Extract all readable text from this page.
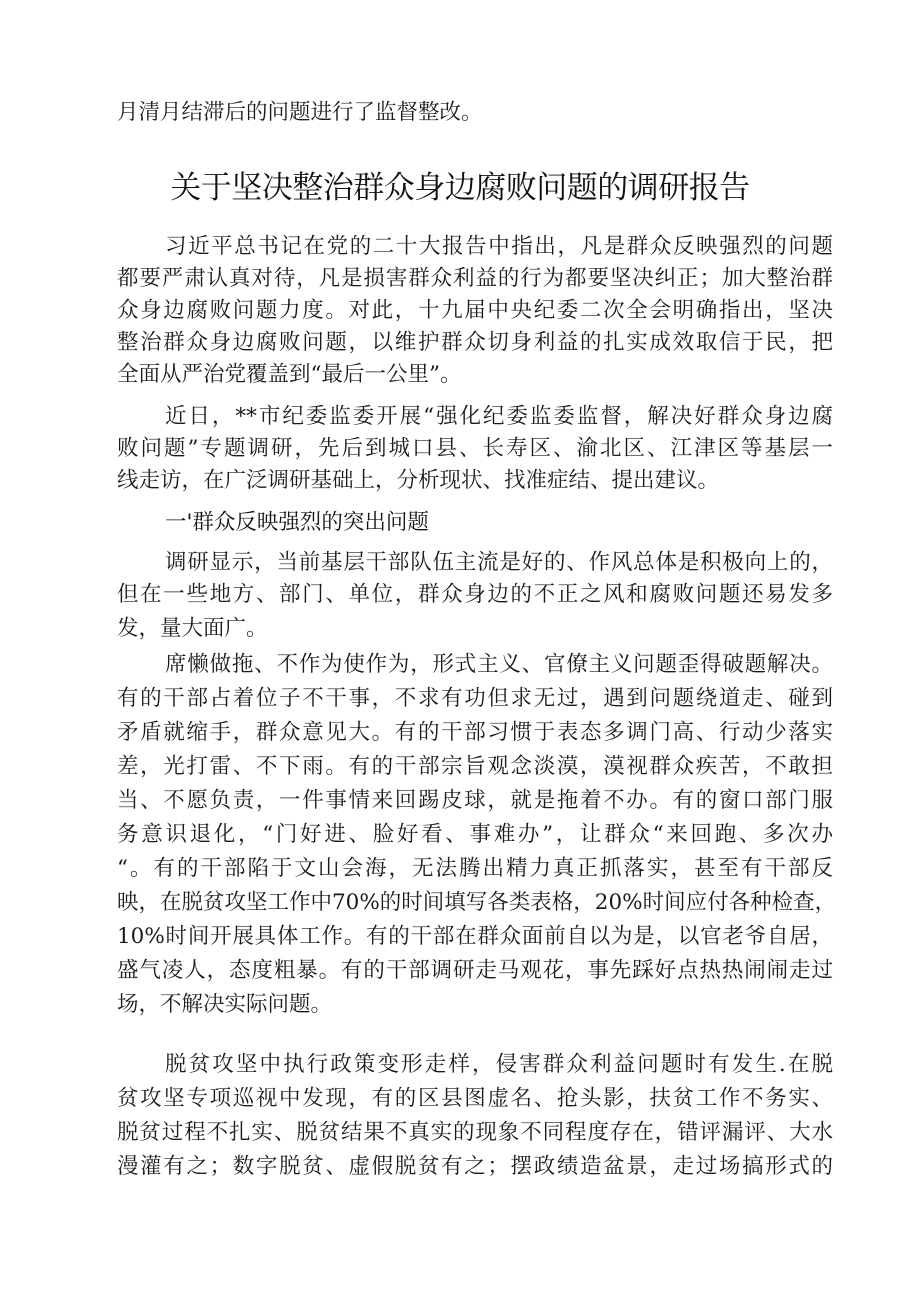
月清月结滞后的问题进行了监督整改。
关于坚决整治群众身边腐败问题的调研报告
习近平总书记在党的二十大报告中指出，凡是群众反映强烈的问题
都要严肃认真对待，凡是损害群众利益的行为都要坚决纠正；加大整治群
众身边腐败问题力度。对此，十九届中央纪委二次全会明确指出，坚决
整治群众身边腐败问题，以维护群众切身利益的扎实成效取信于民，把
全面从严治党覆盖到“最后一公里”。
近日，**市纪委监委开展“强化纪委监委监督，解决好群众身边腐
败问题”专题调研，先后到城口县、长寿区、渝北区、江津区等基层一
线走访，在广泛调研基础上，分析现状、找准症结、提出建议。
一'群众反映强烈的突出问题
调研显示，当前基层干部队伍主流是好的、作风总体是积极向上的，
但在一些地方、部门、单位，群众身边的不正之风和腐败问题还易发多
发，量大面广。
席懒做拖、不作为使作为，形式主义、官僚主义问题歪得破题解决。
有的干部占着位子不干事，不求有功但求无过，遇到问题绕道走、碰到
矛盾就缩手，群众意见大。有的干部习惯于表态多调门高、行动少落实
差，光打雷、不下雨。有的干部宗旨观念淡漠，漠视群众疾苦，不敢担
当、不愿负责，一件事情来回踢皮球，就是拖着不办。有的窗口部门服
务意识退化，“门好进、脸好看、事难办”，让群众“来回跑、多次办
“。有的干部陷于文山会海，无法腾出精力真正抓落实，甚至有干部反
映，在脱贫攻坚工作中70%的时间填写各类表格，20%时间应付各种检查，
10%时间开展具体工作。有的干部在群众面前自以为是，以官老爷自居，
盛气凌人，态度粗暴。有的干部调研走马观花，事先踩好点热热闹闹走过
场，不解决实际问题。
脱贫攻坚中执行政策变形走样，侵害群众利益问题时有发生.在脱
贫攻坚专项巡视中发现，有的区县图虚名、抢头影，扶贫工作不务实、
脱贫过程不扎实、脱贫结果不真实的现象不同程度存在，错评漏评、大水
漫灌有之；数字脱贫、虚假脱贫有之；摆政绩造盆景，走过场搞形式的
